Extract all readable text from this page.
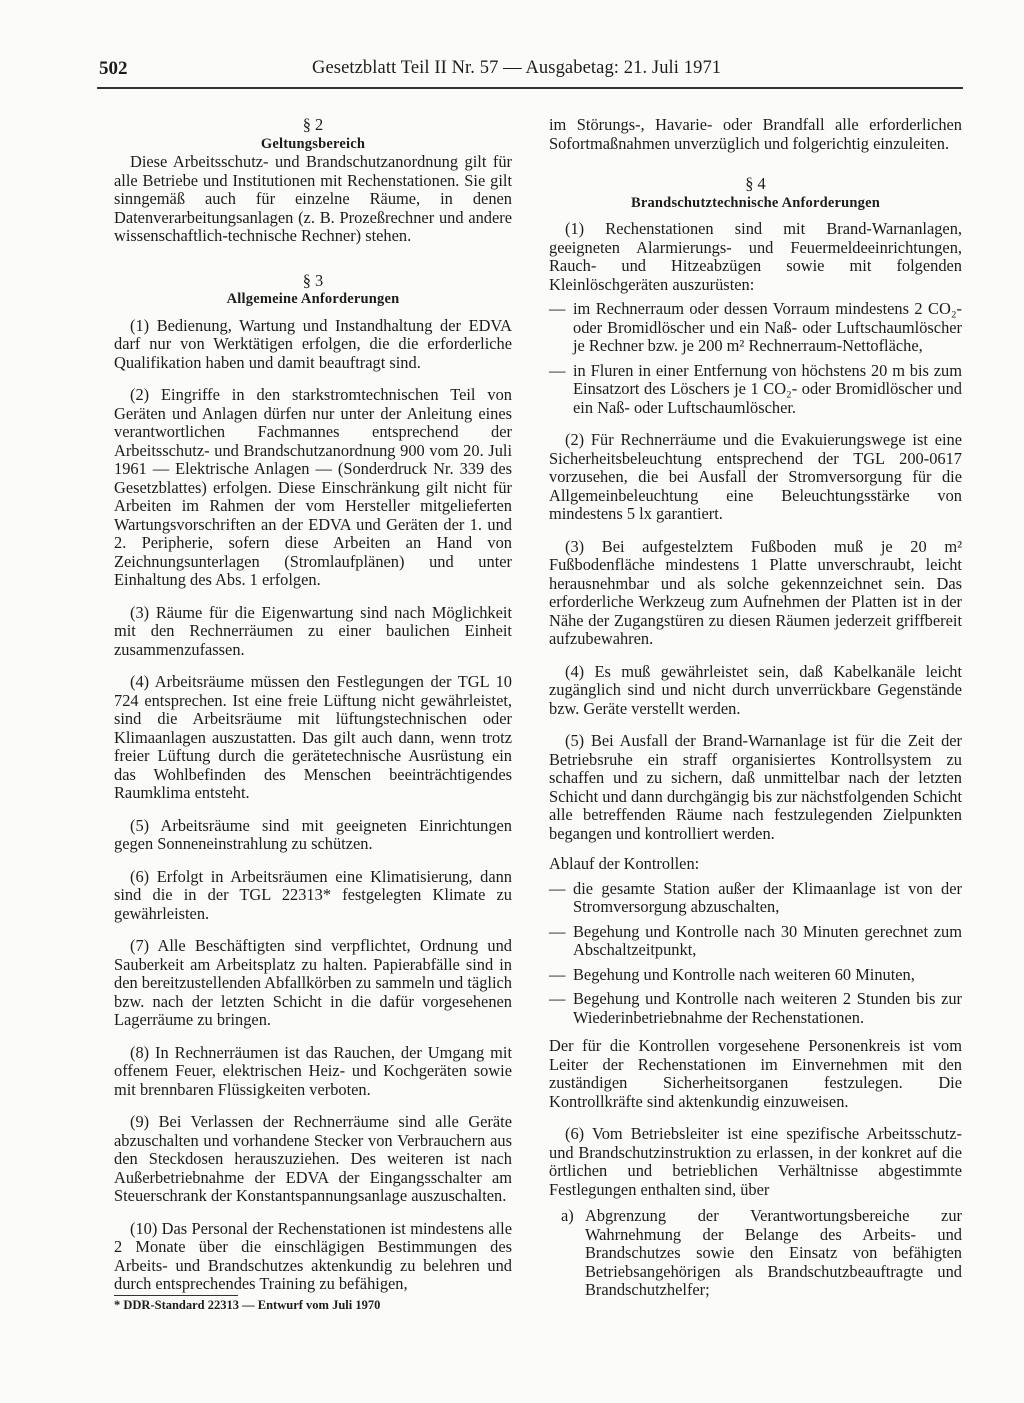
502	Gesetzblatt Teil II Nr. 57 — Ausgabetag: 21. Juli 1971

§ 2

Geltungsbereich

Diese Arbeitsschutz- und Brandschutzanordnung gilt für alle Betriebe und Institutionen mit Rechenstationen. Sie gilt sinngemäß auch für einzelne Räume, in denen Datenverarbeitungsanlagen (z. B. Prozeßrechner und andere wissenschaftlich-technische Rechner) stehen.

§ 3

Allgemeine Anforderungen

(1) Bedienung, Wartung und Instandhaltung der EDVA darf nur von Werktätigen erfolgen, die die erforderliche Qualifikation haben und damit beauftragt sind.

(2) Eingriffe in den starkstromtechnischen Teil von Geräten und Anlagen dürfen nur unter der Anleitung eines verantwortlichen Fachmannes entsprechend der Arbeitsschutz- und Brandschutzanordnung 900 vom 20. Juli 1961 — Elektrische Anlagen — (Sonderdruck Nr. 339 des Gesetzblattes) erfolgen. Diese Einschränkung gilt nicht für Arbeiten im Rahmen der vom Hersteller mitgelieferten Wartungsvorschriften an der EDVA und Geräten der 1. und 2. Peripherie, sofern diese Arbeiten an Hand von Zeichnungsunterlagen (Stromlaufplänen) und unter Einhaltung des Abs. 1 erfolgen.

(3) Räume für die Eigenwartung sind nach Möglichkeit mit den Rechnerräumen zu einer baulichen Einheit zusammenzufassen.

(4) Arbeitsräume müssen den Festlegungen der TGL 10 724 entsprechen. Ist eine freie Lüftung nicht gewährleistet, sind die Arbeitsräume mit lüftungstechnischen oder Klimaanlagen auszustatten. Das gilt auch dann, wenn trotz freier Lüftung durch die gerätetechnische Ausrüstung ein das Wohlbefinden des Menschen beeinträchtigendes Raumklima entsteht.

(5) Arbeitsräume sind mit geeigneten Einrichtungen gegen Sonneneinstrahlung zu schützen.

(6) Erfolgt in Arbeitsräumen eine Klimatisierung, dann sind die in der TGL 22313* festgelegten Klimate zu gewährleisten.

(7) Alle Beschäftigten sind verpflichtet, Ordnung und Sauberkeit am Arbeitsplatz zu halten. Papierabfälle sind in den bereitzustellenden Abfallkörben zu sammeln und täglich bzw. nach der letzten Schicht in die dafür vorgesehenen Lagerräume zu bringen.

(8) In Rechnerräumen ist das Rauchen, der Umgang mit offenem Feuer, elektrischen Heiz- und Kochgeräten sowie mit brennbaren Flüssigkeiten verboten.

(9) Bei Verlassen der Rechnerräume sind alle Geräte abzuschalten und vorhandene Stecker von Verbrauchern aus den Steckdosen herauszuziehen. Des weiteren ist nach Außerbetriebnahme der EDVA der Eingangsschalter am Steuerschrank der Konstantspannungsanlage auszuschalten.

(10) Das Personal der Rechenstationen ist mindestens alle 2 Monate über die einschlägigen Bestimmungen des Arbeits- und Brandschutzes aktenkundig zu belehren und durch entsprechendes Training zu befähigen,

* DDR-Standard 22313 — Entwurf vom Juli 1970

im Störungs-, Havarie- oder Brandfall alle erforderlichen Sofortmaßnahmen unverzüglich und folgerichtig einzuleiten.

§ 4

Brandschutztechnische Anforderungen

(1) Rechenstationen sind mit Brand-Warnanlagen, geeigneten Alarmierungs- und Feuermeldeeinrichtungen, Rauch- und Hitzeabzügen sowie mit folgenden Kleinlöschgeräten auszurüsten:

— im Rechnerraum oder dessen Vorraum mindestens 2 CO₂- oder Bromidlöscher und ein Naß- oder Luftschaumlöscher je Rechner bzw. je 200 m² Rechnerraum-Nettofläche,
— in Fluren in einer Entfernung von höchstens 20 m bis zum Einsatzort des Löschers je 1 CO₂- oder Bromidlöscher und ein Naß- oder Luftschaumlöscher.

(2) Für Rechnerräume und die Evakuierungswege ist eine Sicherheitsbeleuchtung entsprechend der TGL 200-0617 vorzusehen, die bei Ausfall der Stromversorgung für die Allgemeinbeleuchtung eine Beleuchtungsstärke von mindestens 5 lx garantiert.

(3) Bei aufgestelztem Fußboden muß je 20 m² Fußbodenfläche mindestens 1 Platte unverschraubt, leicht herausnehmbar und als solche gekennzeichnet sein. Das erforderliche Werkzeug zum Aufnehmen der Platten ist in der Nähe der Zugangstüren zu diesen Räumen jederzeit griffbereit aufzubewahren.

(4) Es muß gewährleistet sein, daß Kabelkanäle leicht zugänglich sind und nicht durch unverrückbare Gegenstände bzw. Geräte verstellt werden.

(5) Bei Ausfall der Brand-Warnanlage ist für die Zeit der Betriebsruhe ein straff organisiertes Kontrollsystem zu schaffen und zu sichern, daß unmittelbar nach der letzten Schicht und dann durchgängig bis zur nächstfolgenden Schicht alle betreffenden Räume nach festzulegenden Zielpunkten begangen und kontrolliert werden.

Ablauf der Kontrollen:

— die gesamte Station außer der Klimaanlage ist von der Stromversorgung abzuschalten,
— Begehung und Kontrolle nach 30 Minuten gerechnet zum Abschaltzeitpunkt,
— Begehung und Kontrolle nach weiteren 60 Minuten,
— Begehung und Kontrolle nach weiteren 2 Stunden bis zur Wiederinbetriebnahme der Rechenstationen.

Der für die Kontrollen vorgesehene Personenkreis ist vom Leiter der Rechenstationen im Einvernehmen mit den zuständigen Sicherheitsorganen festzulegen. Die Kontrollkräfte sind aktenkundig einzuweisen.

(6) Vom Betriebsleiter ist eine spezifische Arbeitsschutz- und Brandschutzinstruktion zu erlassen, in der konkret auf die örtlichen und betrieblichen Verhältnisse abgestimmte Festlegungen enthalten sind, über

a) Abgrenzung der Verantwortungsbereiche zur Wahrnehmung der Belange des Arbeits- und Brandschutzes sowie den Einsatz von befähigten Betriebsangehörigen als Brandschutzbeauftragte und Brandschutzhelfer;
